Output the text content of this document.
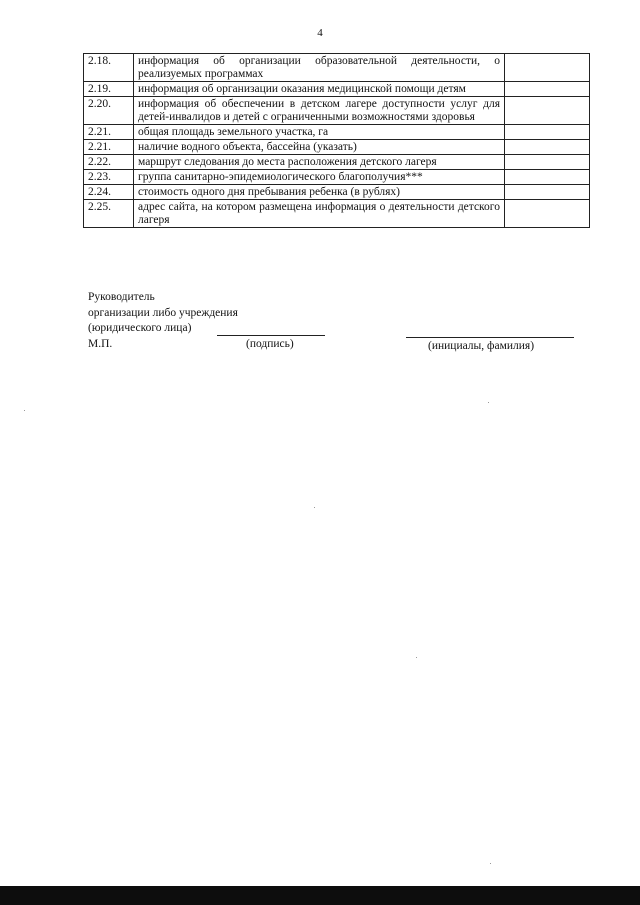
4
2.18.	информация об организации образовательной деятельности, о реализуемых программах	
2.19.	информация об организации оказания медицинской помощи детям	
2.20.	информация об обеспечении в детском лагере доступности услуг для детей-инвалидов и детей с ограниченными возможностями здоровья	
2.21.	общая площадь земельного участка, га	
2.21.	наличие водного объекта, бассейна (указать)	
2.22.	маршрут следования до места расположения детского лагеря	
2.23.	группа санитарно-эпидемиологического благополучия***	
2.24.	стоимость одного дня пребывания ребенка (в рублях)	
2.25.	адрес сайта, на котором размещена информация о деятельности детского лагеря	
Руководитель
организации либо учреждения
(юридического лица)
М.П.	(подпись)	(инициалы, фамилия)
